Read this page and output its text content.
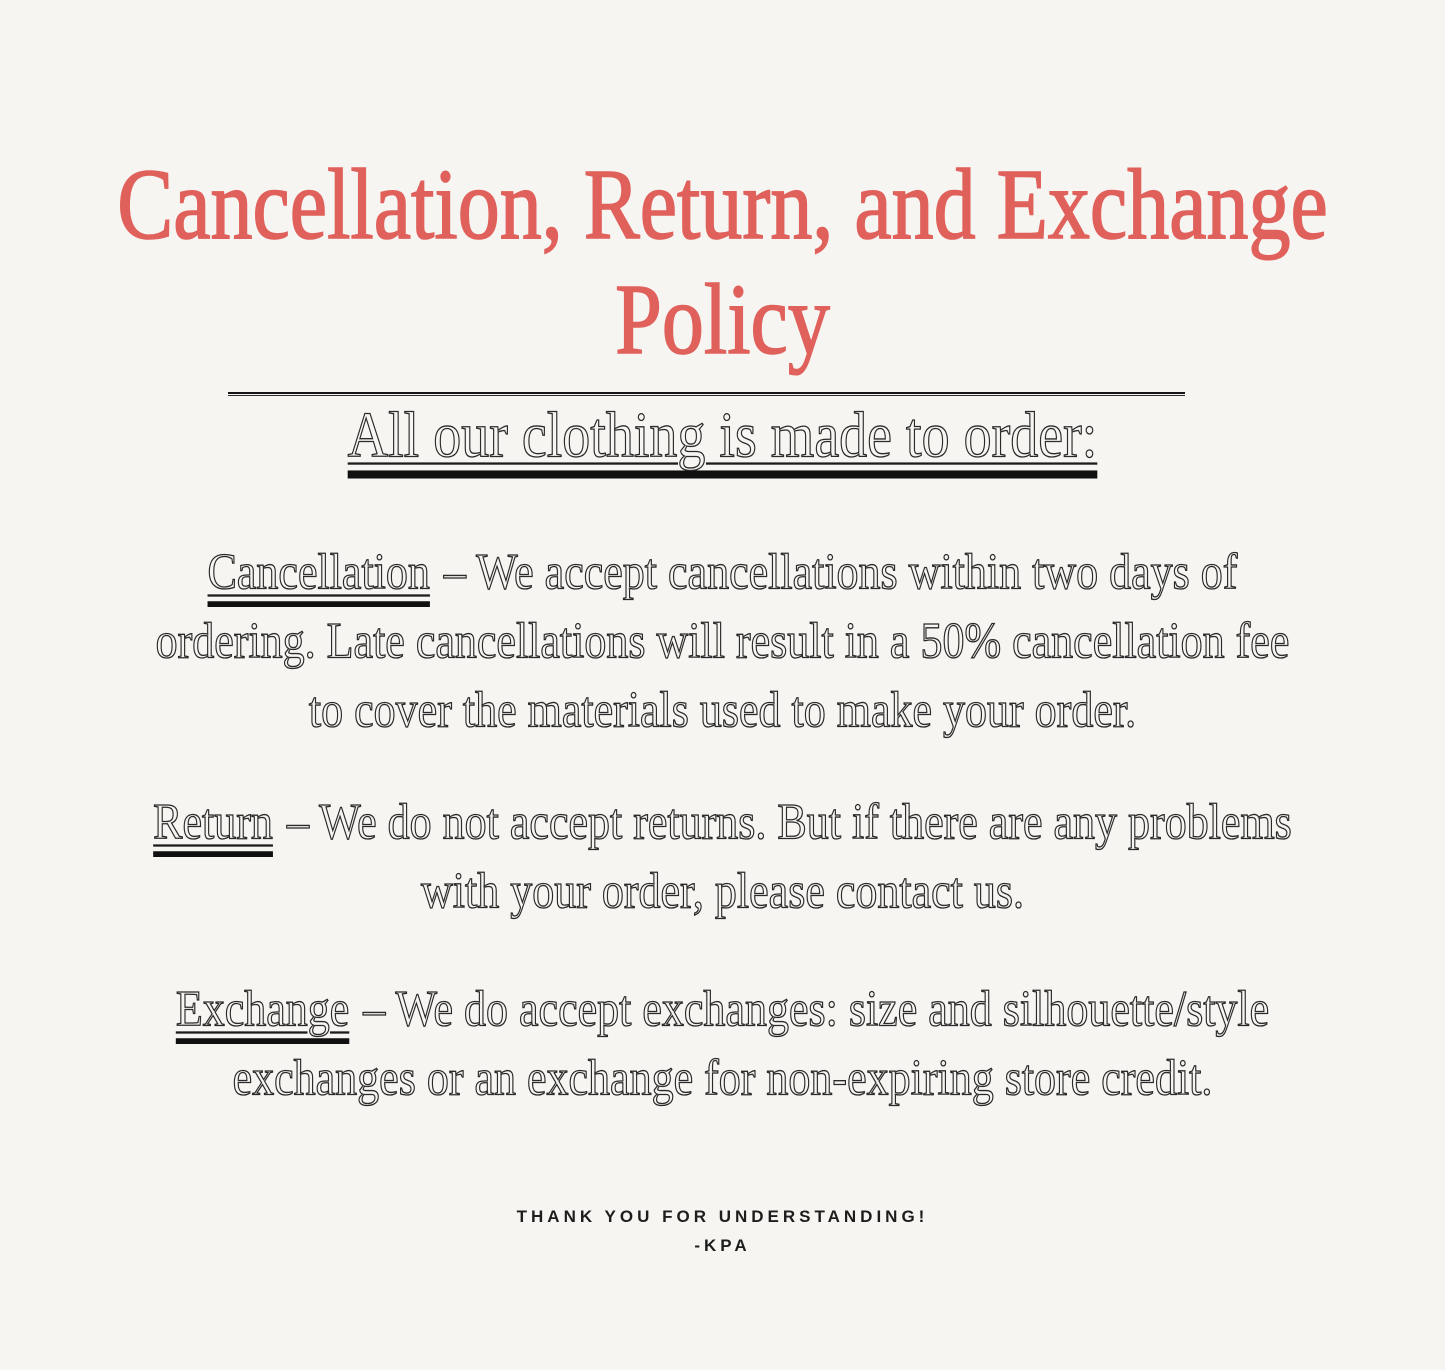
Cancellation, Return, and Exchange
Policy
All our clothing is made to order:
Cancellation – We accept cancellations within two days of
ordering. Late cancellations will result in a 50% cancellation fee
to cover the materials used to make your order.
Return – We do not accept returns. But if there are any problems
with your order, please contact us.
Exchange – We do accept exchanges: size and silhouette/style
exchanges or an exchange for non-expiring store credit.
THANK YOU FOR UNDERSTANDING!
-KPA
